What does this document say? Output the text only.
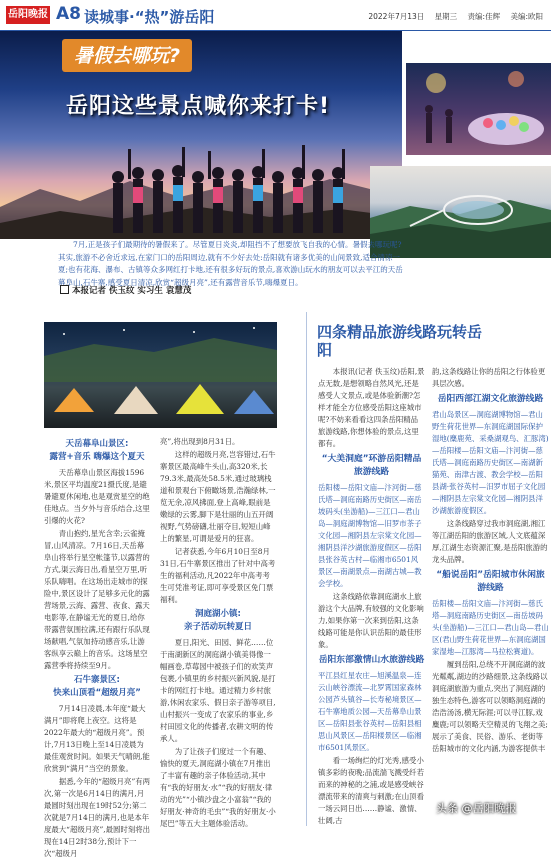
岳阳晚报 A8 读城事·“热”游岳阳	2022年7月13日 星期三 责编:佳辉 美编:欧阳
暑假去哪玩?
岳阳这些景点喊你来打卡!
7月,正是孩子们最期待的暑假来了。尽管夏日炎炎,却阻挡不了想要放飞自我的心情。暑假去哪玩呢?其实,旅游不必舍近求远,在家门口的岳阳周边,就有不少好去处:岳阳就有诸多优美的山间景致,适合清凉一夏;也有花海、瀑布、古镇等众多网红打卡地,还有很多好玩的景点,喜欢游山玩水的朋友可以去平江的天岳幕阜山,石牛寨,感受夏日清凉,欣赏“超级月亮”,还有露营音乐节,嗨爆夏日。
本报记者 佚玉纹 实习生 袁慧茂
天岳幕阜山景区:
露营+音乐 嗨爆这个夏天

天岳幕阜山景区海拔1596米,景区平均温度21摄氏度,是避暑避夏休闲地,也是观赏星空的绝佳地点。当夕外与音乐结合,这里引爆的火花?

青山抱约,星光含幸;云雀掩冒,山风清凉。7月16日,天岳幕阜山将举行星空帐篷节,以露营的方式,渠云海日出,看星空万里,听乐队嗨唱。在这场出走城市的探险中,景区设计了足够多元化的露营场景,云海、露营、夜食、露天电影等,在静谧无光的夏日,给你带露营氛围拉满,还有跟行乐队现场献唱,气氛加持动感音乐,让游客纵享云巅上的音乐。这场星空露营季将持续至9月。

石牛寨景区:
快来山顶看“超级月亮”

7月14日凌晨,本年度“最大满月”即将爬上夜空。这将是2022年最大的“超级月亮”。预计,7月13日晚上至14日凌晨为最佳观赏时间。如果天气晴朗,能欣赏到“满月”当空的景象。

据悉,今年的“超级月亮”有两次,第一次是6月14日的满月,月最圆时刻出现在19时52分;第二次就是7月14日的满月,也是本年度最大“超级月亮”,最圆时刻将出现在14日2时38分,预计下一次“超级月

亮”,将出现到8月31日。

这样的超级月亮,岂容错过,石牛寨景区最高峰牛头山,高320米,长79.3米,最高处58.5米,通过玻璃栈道和景观台下俯瞰场景,浩瀚绿林,一览无余,凉风拂面,登上高峰,眼前是嫩绿的云雾,脚下是壮丽的山五开阔视野,气势磅礴,壮丽夺目,短短山峰上的繁星,可谓是爱月的狂喜。

记者获悉,今年6月10日至8月31日,石牛寨景区推出了针对中高考生的福利活动,凡2022年中高考考生可凭准考证,即可享受景区免门票福利。

洞庭湖小镇:
亲子活动玩转夏日

夏日,阳光、田园、鲜花……位于南湖新区的洞庭湖小镇美得像一幅画卷,草莓园中被孩子们的欢笑声包裹,小镇里的乡村振兴新风貌,是打卡的网红打卡地。通过精力乡村旅游,休闲农家乐、假日亲子游等项目,山村振兴一变成了农家乐的事业,乡村田园文化的传播者,农耕文明的传承人。

为了让孩子们度过一个有趣、愉快的夏天,洞庭湖小镇在7月推出了丰富有趣的亲子体验活动,其中有“我的好朋友·水”“我的好朋友·律动的光”“小镇沙盘之小富翁”“我的好朋友·神奇的毛虫”“我的好朋友·小尾巴”等五大主题体验活动。

四条精品旅游线路玩转岳阳

本报讯(记者 佚玉纹)岳阳,景点无数,是想领略自然风光,还是感受人文景点,或是体验新潮?怎样才能全方位感受岳阳这座城市呢?不妨来看看这四条岳阳精品旅游线路,你想体验的景点,这里都有。

“大美洞庭”环游岳阳精品旅游线路

岳阳楼—岳阳文庙—汴河街—慈氏塔—洞庭南路历史街区—南岳坡码头(坐游船)—三江口—君山岛—洞庭湖博物馆—旧罗市茶子文化园—湘阴县左宗棠文化园—湘阴县洋沙湖旅游度假区—岳阳县张谷英古村—临湘市6501风景区—南湖景点—南湖古城—教会学校。

这条线路依靠洞庭湖水上旅游这个大品牌,有较强的文化影响力,如果你第一次来到岳阳,这条线路可能是你认识岳阳的最佳形象。

岳阳东部激情山水旅游线路

平江县红星农庄—旭溪温泉—连云山峡谷漂流—北罗霄国家森林公园芦头镇谷—长寿秘境景区—石牛寨地质公园—天岳幕阜山景区—岳阳县张谷英村—岳阳县相思山风景区—岳阳楼景区—临湘市6501风景区。

看一场绚烂的灯光秀,感受小镇多彩的夜晚;品流湍飞溅受纤若而来的神秘的之浦,或是感受峡谷漂流带来的清爽与刺激;在山顶看一场云同日出……静谧、激情、壮阔,古

韵,这条线路让你的岳阳之行体验更具层次感。

岳阳西部江湖文化旅游线路

君山岛景区—洞庭湖博物馆—君山野生荷花世界—东洞庭湖国际保护湿地(麋鹿苑、采桑湖观鸟、汇豚湾)—岳阳楼—岳阳文庙—汴河街—慈氏塔—洞庭南路历史街区—南湖新猫苑、南津古渡、教会学校—岳阳县湖·张谷英村—汨罗市屈子文化园—湘阴县左宗棠文化园—湘阴县洋沙湖旅游度假区。

这条线路穿过我市洞庭湖,湘江等江湖岳阳的旅游区域,人文底蕴深厚,江湖生态资源汇聚,是岳阳旅游的龙头品牌。

“船说岳阳”岳阳城市休闲旅游线路

岳阳楼—岳阳文庙—汴河街—慈氏塔—洞庭南路历史街区—南岳坡码头(坐游船)—三江口—君山岛—君山区(君山野生荷花世界—东洞庭湖国家湿地—江豚湾—马拉松赛道)。

履到岳阳,总绕不开洞庭湖的波光粼粼,湖边的沙路细景,这条线路以洞庭湖旅游为重点,突出了洞庭湖的独生态特色,游客可以领略洞庭湖的浩浩汤汤,横无际涯;可以寻江豚,戏麋鹿;可以领略天空精灵的飞翔之美;展示了美食、民俗、游乐、老街等岳阳城市的文化内涵,为游客提供丰

头条 @岳阳晚报
